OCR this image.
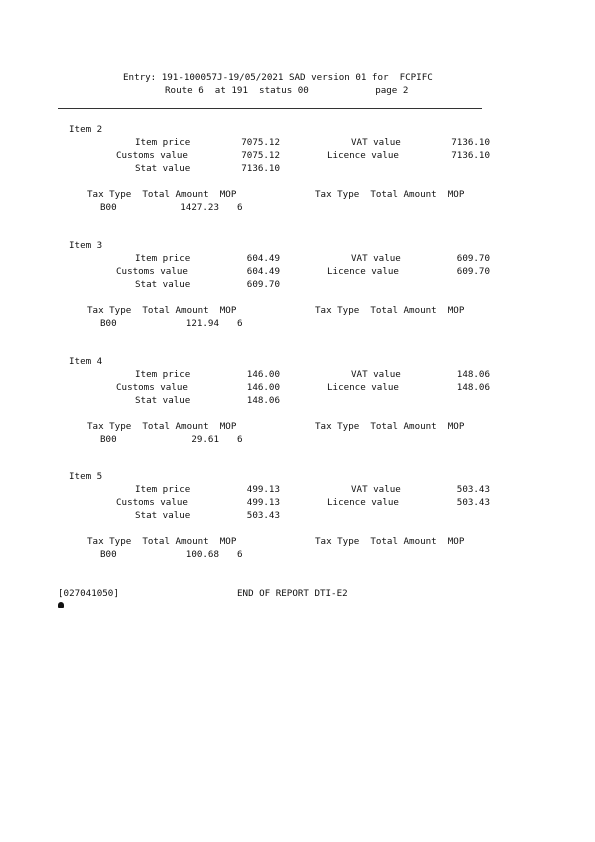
Entry: 191-100057J-19/05/2021 SAD version 01 for  FCPIFC
Route 6  at 191  status 00            page 2
Item 2
Item price	7075.12	VAT value	7136.10
Customs value	7075.12	Licence value	7136.10
Stat value	7136.10
Tax Type  Total Amount  MOP	Tax Type  Total Amount  MOP
B00	1427.23 6
Item 3
Item price	604.49	VAT value	609.70
Customs value	604.49	Licence value	609.70
Stat value	609.70
Tax Type  Total Amount  MOP	Tax Type  Total Amount  MOP
B00	121.94 6
Item 4
Item price	146.00	VAT value	148.06
Customs value	146.00	Licence value	148.06
Stat value	148.06
Tax Type  Total Amount  MOP	Tax Type  Total Amount  MOP
B00	29.61 6
Item 5
Item price	499.13	VAT value	503.43
Customs value	499.13	Licence value	503.43
Stat value	503.43
Tax Type  Total Amount  MOP	Tax Type  Total Amount  MOP
B00	100.68 6
[027041050]	END OF REPORT DTI-E2
